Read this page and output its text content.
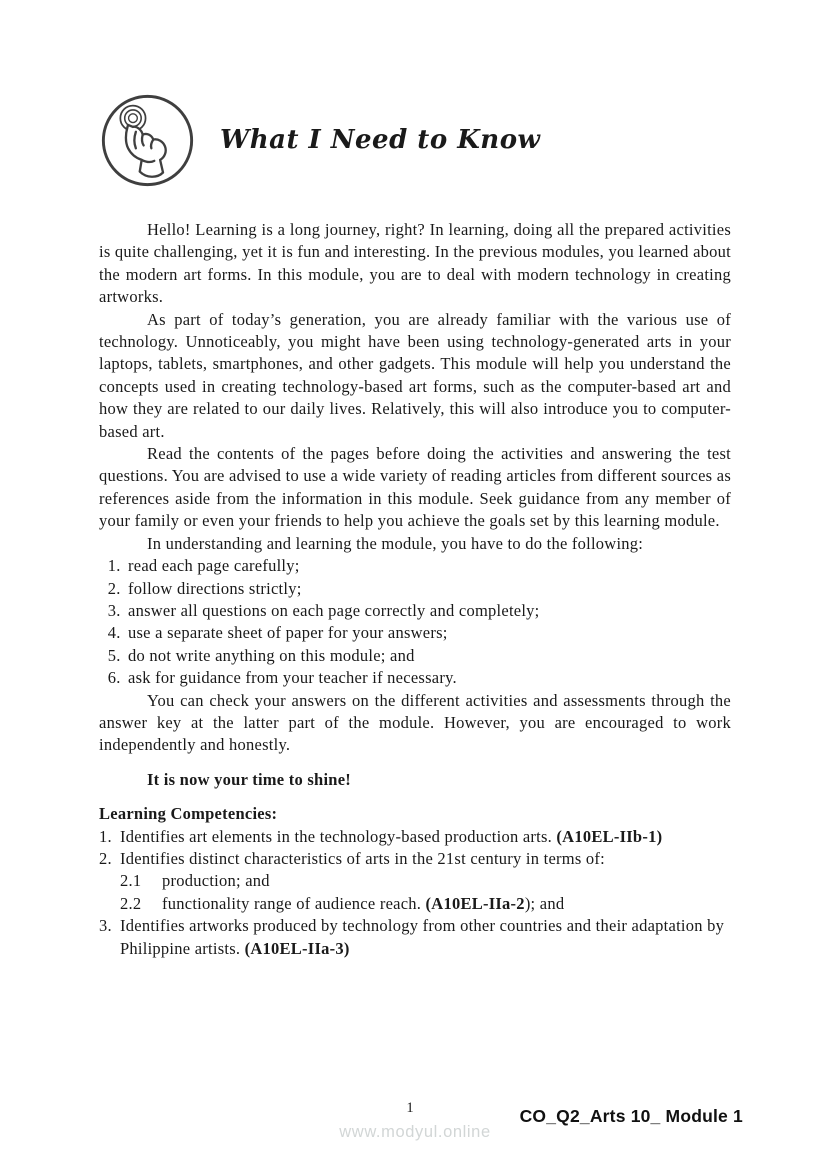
What I Need to Know

Hello! Learning is a long journey, right? In learning, doing all the prepared activities is quite challenging, yet it is fun and interesting. In the previous modules, you learned about the modern art forms. In this module, you are to deal with modern technology in creating artworks.

As part of today’s generation, you are already familiar with the various use of technology. Unnoticeably, you might have been using technology-generated arts in your laptops, tablets, smartphones, and other gadgets. This module will help you understand the concepts used in creating technology-based art forms, such as the computer-based art and how they are related to our daily lives. Relatively, this will also introduce you to computer- based art.

Read the contents of the pages before doing the activities and answering the test questions. You are advised to use a wide variety of reading articles from different sources as references aside from the information in this module. Seek guidance from any member of your family or even your friends to help you achieve the goals set by this learning module.

In understanding and learning the module, you have to do the following:

1. read each page carefully;
2. follow directions strictly;
3. answer all questions on each page correctly and completely;
4. use a separate sheet of paper for your answers;
5. do not write anything on this module; and
6. ask for guidance from your teacher if necessary.

You can check your answers on the different activities and assessments through the answer key at the latter part of the module. However, you are encouraged to work independently and honestly.

It is now your time to shine!

Learning Competencies:

1. Identifies art elements in the technology-based production arts. (A10EL-IIb-1)
2. Identifies distinct characteristics of arts in the 21st century in terms of:
2.1	production; and
2.2	functionality range of audience reach. (A10EL-IIa-2); and
3. Identifies artworks produced by technology from other countries and their adaptation by Philippine artists. (A10EL-IIa-3)
1
www.modyul.online
CO_Q2_Arts 10_ Module 1
